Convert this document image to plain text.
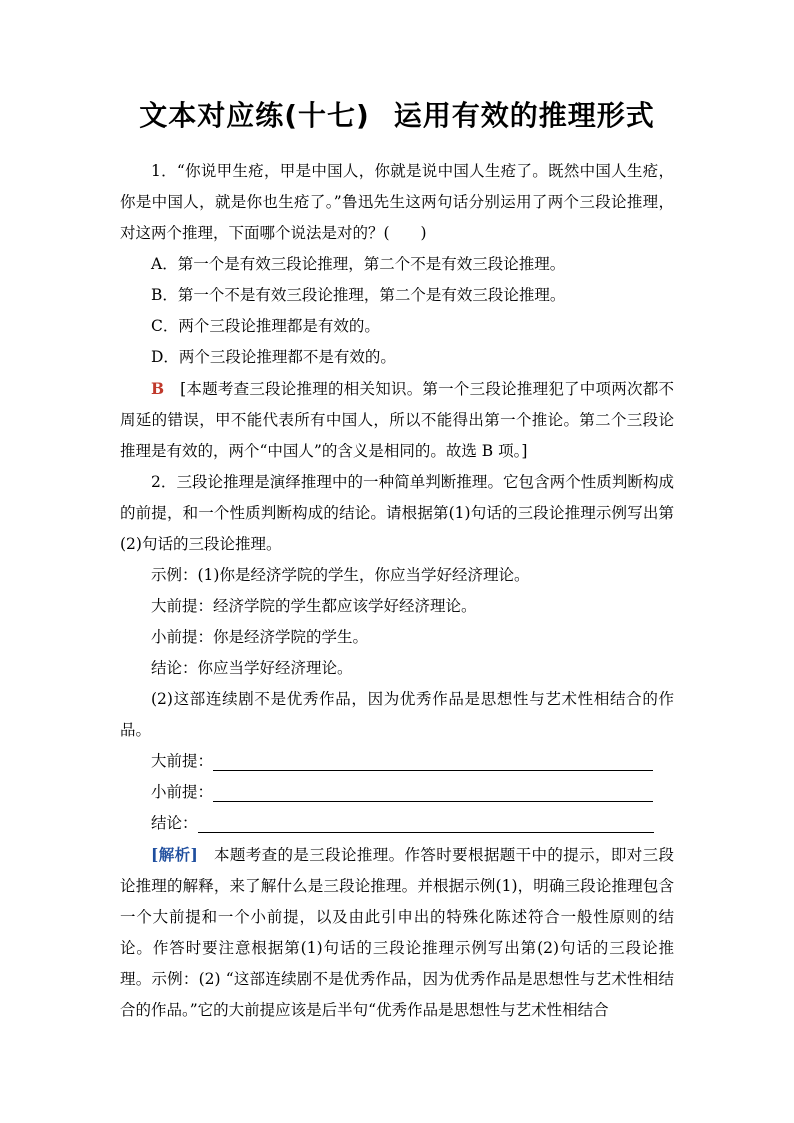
文本对应练(十七) 运用有效的推理形式

1．“你说甲生疮，甲是中国人，你就是说中国人生疮了。既然中国人生疮，你是中国人，就是你也生疮了。”鲁迅先生这两句话分别运用了两个三段论推理，对这两个推理，下面哪个说法是对的？(　　)

A．第一个是有效三段论推理，第二个不是有效三段论推理。

B．第一个不是有效三段论推理，第二个是有效三段论推理。

C．两个三段论推理都是有效的。

D．两个三段论推理都不是有效的。

B　 [本题考查三段论推理的相关知识。第一个三段论推理犯了中项两次都不周延的错误，甲不能代表所有中国人，所以不能得出第一个推论。第二个三段论推理是有效的，两个“中国人”的含义是相同的。故选 B 项。]

2．三段论推理是演绎推理中的一种简单判断推理。它包含两个性质判断构成的前提，和一个性质判断构成的结论。请根据第(1)句话的三段论推理示例写出第(2)句话的三段论推理。

示例：(1)你是经济学院的学生，你应当学好经济理论。

大前提：经济学院的学生都应该学好经济理论。

小前提：你是经济学院的学生。

结论：你应当学好经济理论。

(2)这部连续剧不是优秀作品，因为优秀作品是思想性与艺术性相结合的作品。

大前提：
小前提：
结论：

[解析]　本题考查的是三段论推理。作答时要根据题干中的提示，即对三段论推理的解释，来了解什么是三段论推理。并根据示例(1)，明确三段论推理包含一个大前提和一个小前提，以及由此引申出的特殊化陈述符合一般性原则的结论。作答时要注意根据第(1)句话的三段论推理示例写出第(2)句话的三段论推理。示例：(2) “这部连续剧不是优秀作品，因为优秀作品是思想性与艺术性相结合的作品。”它的大前提应该是后半句“优秀作品是思想性与艺术性相结合
